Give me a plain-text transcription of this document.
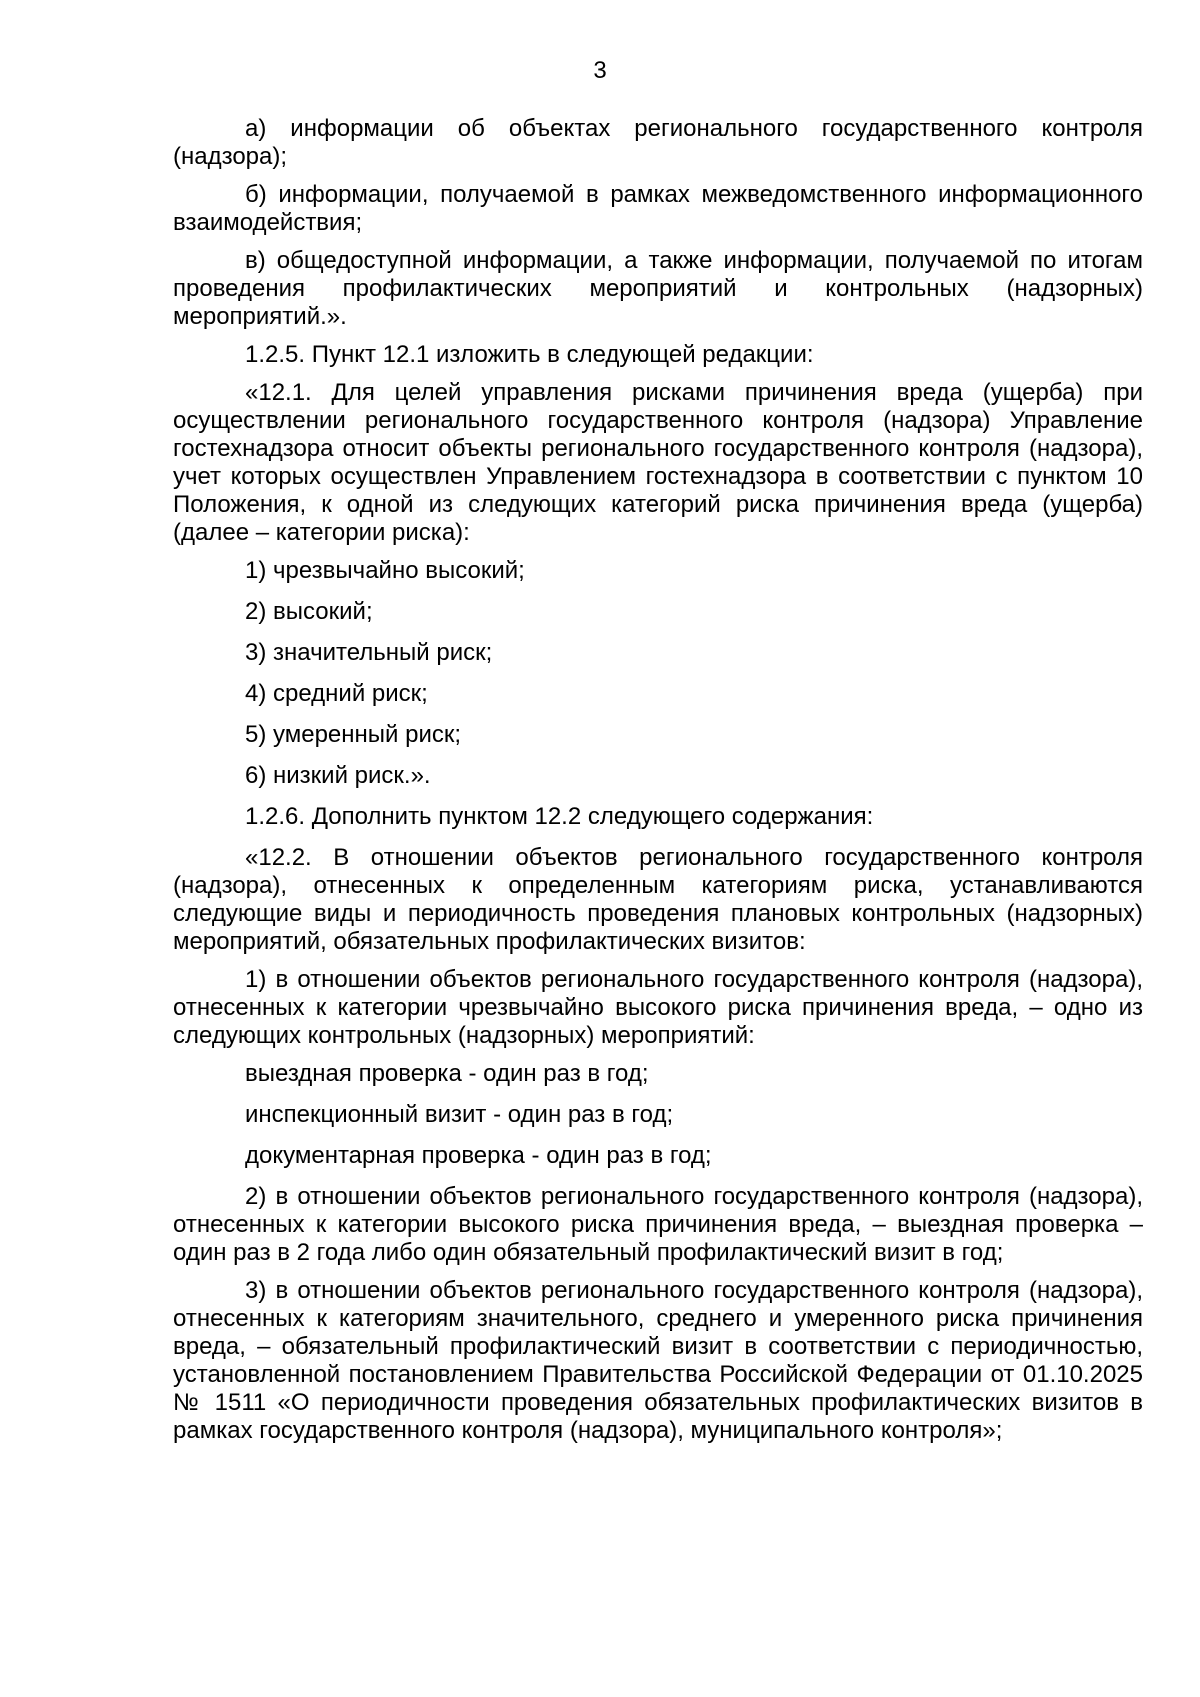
3

а) информации об объектах регионального государственного контроля (надзора);

б) информации, получаемой в рамках межведомственного информационного взаимодействия;

в) общедоступной информации, а также информации, получаемой по итогам проведения профилактических мероприятий и контрольных (надзорных) мероприятий.».

1.2.5. Пункт 12.1 изложить в следующей редакции:

«12.1. Для целей управления рисками причинения вреда (ущерба) при осуществлении регионального государственного контроля (надзора) Управление гостехнадзора относит объекты регионального государственного контроля (надзора), учет которых осуществлен Управлением гостехнадзора в соответствии с пунктом 10 Положения, к одной из следующих категорий риска причинения вреда (ущерба) (далее – категории риска):

1) чрезвычайно высокий;

2) высокий;

3) значительный риск;

4) средний риск;

5) умеренный риск;

6) низкий риск.».

1.2.6. Дополнить пунктом 12.2 следующего содержания:

«12.2. В отношении объектов регионального государственного контроля (надзора), отнесенных к определенным категориям риска, устанавливаются следующие виды и периодичность проведения плановых контрольных (надзорных) мероприятий, обязательных профилактических визитов:

1) в отношении объектов регионального государственного контроля (надзора), отнесенных к категории чрезвычайно высокого риска причинения вреда, – одно из следующих контрольных (надзорных) мероприятий:

выездная проверка - один раз в год;

инспекционный визит - один раз в год;

документарная проверка - один раз в год;

2) в отношении объектов регионального государственного контроля (надзора), отнесенных к категории высокого риска причинения вреда, – выездная проверка – один раз в 2 года либо один обязательный профилактический визит в год;

3) в отношении объектов регионального государственного контроля (надзора), отнесенных к категориям значительного, среднего и умеренного риска причинения вреда, – обязательный профилактический визит в соответствии с периодичностью, установленной постановлением Правительства Российской Федерации от 01.10.2025 № 1511 «О периодичности проведения обязательных профилактических визитов в рамках государственного контроля (надзора), муниципального контроля»;
